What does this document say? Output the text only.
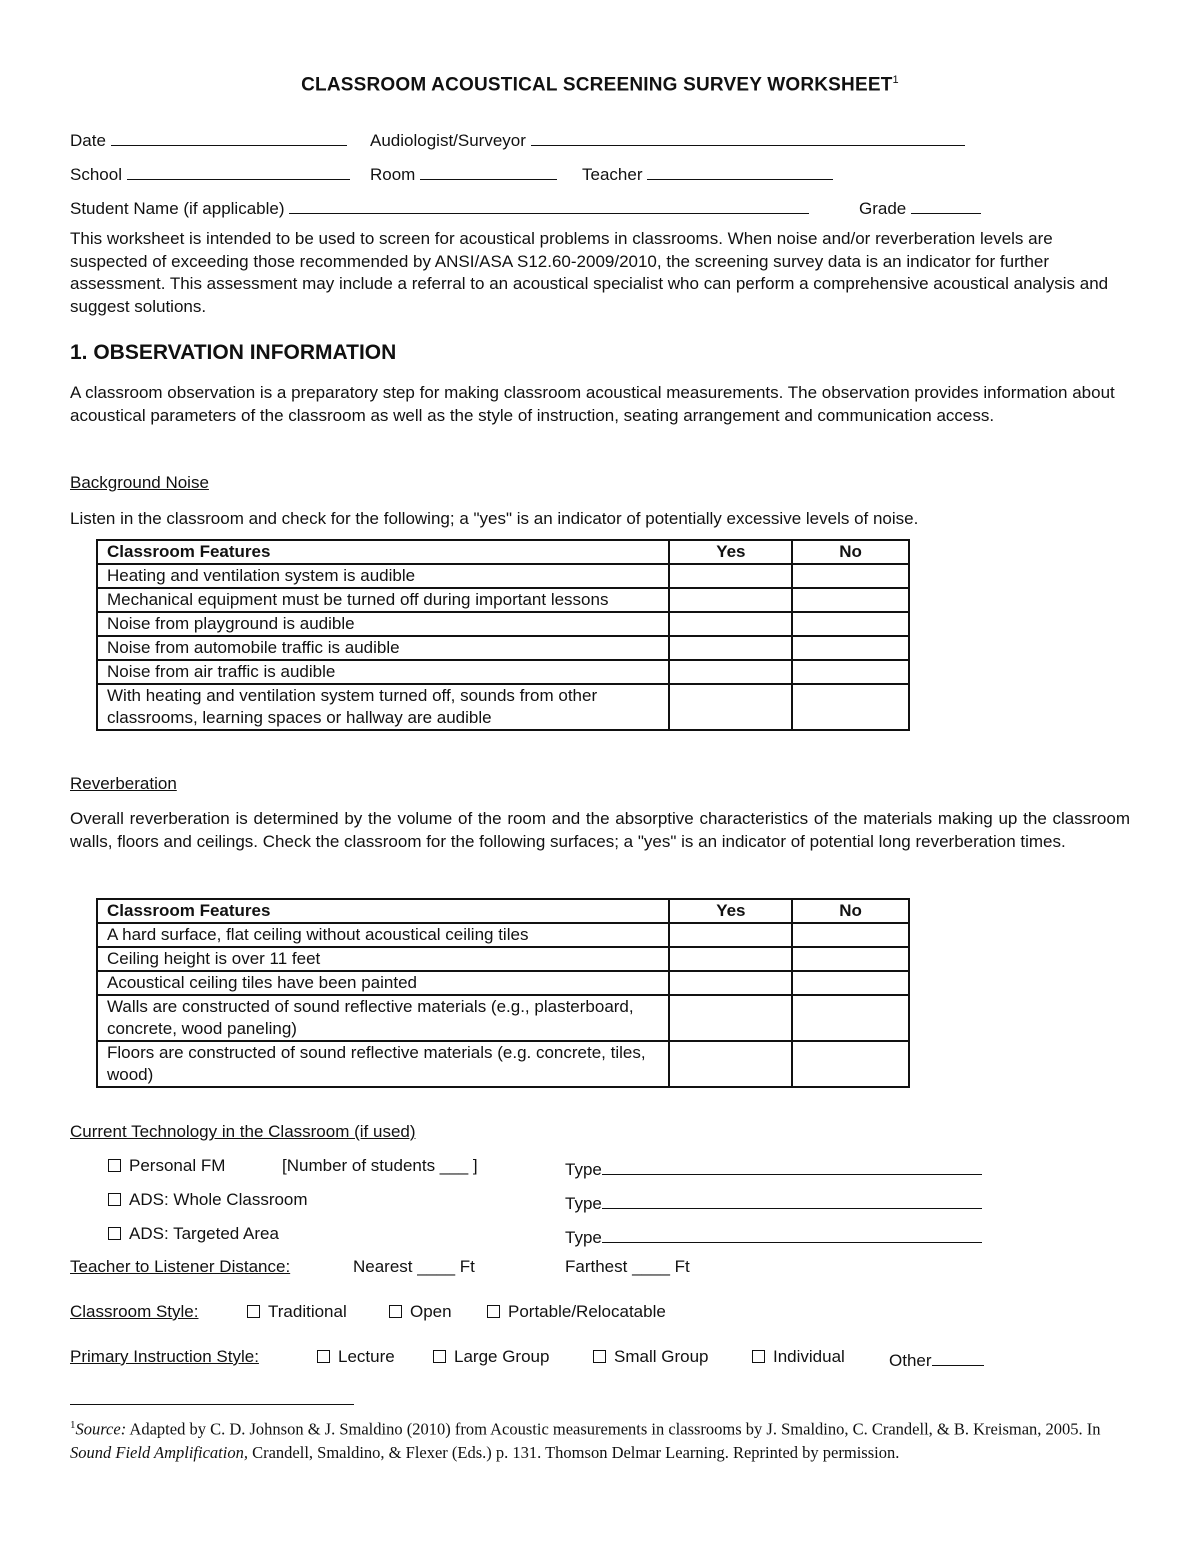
CLASSROOM ACOUSTICAL SCREENING SURVEY WORKSHEET$^1$
Date	Audiologist/Surveyor
School	Room	Teacher
Student Name (if applicable)	Grade
This worksheet is intended to be used to screen for acoustical problems in classrooms. When noise and/or reverberation levels are suspected of exceeding those recommended by ANSI/ASA S12.60-2009/2010, the screening survey data is an indicator for further assessment. This assessment may include a referral to an acoustical specialist who can perform a comprehensive acoustical analysis and suggest solutions.
1. OBSERVATION INFORMATION
A classroom observation is a preparatory step for making classroom acoustical measurements. The observation provides information about acoustical parameters of the classroom as well as the style of instruction, seating arrangement and communication access.
Background Noise
Listen in the classroom and check for the following; a "yes" is an indicator of potentially excessive levels of noise.
Classroom Features	Yes	No
Heating and ventilation system is audible		
Mechanical equipment must be turned off during important lessons		
Noise from playground is audible		
Noise from automobile traffic is audible		
Noise from air traffic is audible		
With heating and ventilation system turned off, sounds from other classrooms, learning spaces or hallway are audible		
Reverberation
Overall reverberation is determined by the volume of the room and the absorptive characteristics of the materials making up the classroom walls, floors and ceilings. Check the classroom for the following surfaces; a "yes" is an indicator of potential long reverberation times.
Classroom Features	Yes	No
A hard surface, flat ceiling without acoustical ceiling tiles		
Ceiling height is over 11 feet		
Acoustical ceiling tiles have been painted		
Walls are constructed of sound reflective materials (e.g., plasterboard, concrete, wood paneling)		
Floors are constructed of sound reflective materials (e.g. concrete, tiles, wood)		
Current Technology in the Classroom (if used)
Personal FM	[Number of students ___ ]	Type
ADS: Whole Classroom	Type
ADS: Targeted Area	Type
Teacher to Listener Distance:	Nearest ____ Ft	Farthest ____ Ft
Classroom Style:	Traditional	Open	Portable/Relocatable
Primary Instruction Style:	Lecture	Large Group	Small Group	Individual	Other
$^1$Source: Adapted by C. D. Johnson & J. Smaldino (2010) from Acoustic measurements in classrooms by J. Smaldino, C. Crandell, & B. Kreisman, 2005. In Sound Field Amplification, Crandell, Smaldino, & Flexer (Eds.) p. 131. Thomson Delmar Learning. Reprinted by permission.
